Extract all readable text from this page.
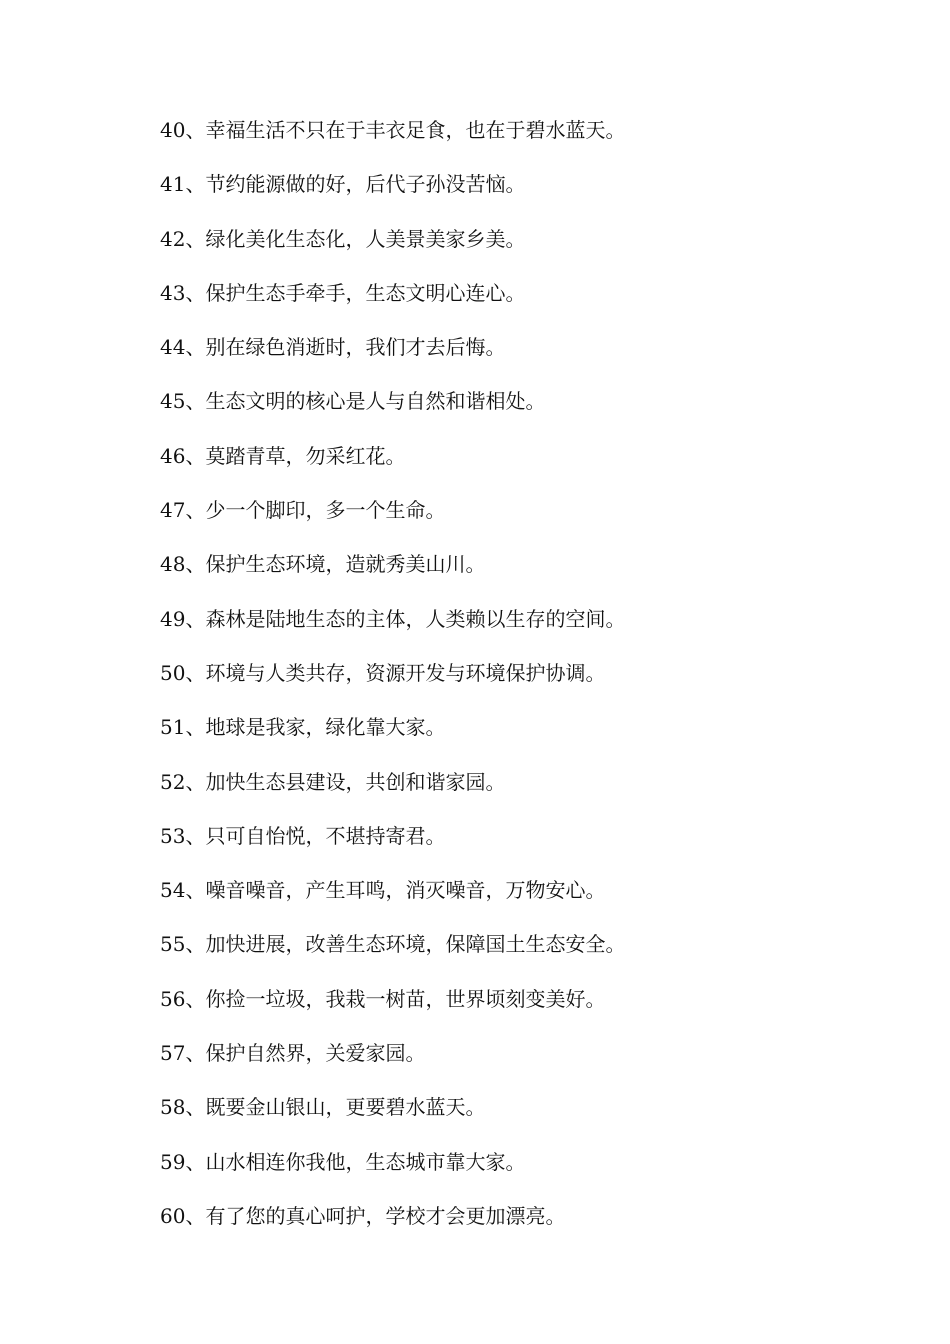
40、幸福生活不只在于丰衣足食，也在于碧水蓝天。
41、节约能源做的好，后代子孙没苦恼。
42、绿化美化生态化，人美景美家乡美。
43、保护生态手牵手，生态文明心连心。
44、别在绿色消逝时，我们才去后悔。
45、生态文明的核心是人与自然和谐相处。
46、莫踏青草，勿采红花。
47、少一个脚印，多一个生命。
48、保护生态环境，造就秀美山川。
49、森林是陆地生态的主体，人类赖以生存的空间。
50、环境与人类共存，资源开发与环境保护协调。
51、地球是我家，绿化靠大家。
52、加快生态县建设，共创和谐家园。
53、只可自怡悦，不堪持寄君。
54、噪音噪音，产生耳鸣，消灭噪音，万物安心。
55、加快进展，改善生态环境，保障国土生态安全。
56、你捡一垃圾，我栽一树苗，世界顷刻变美好。
57、保护自然界，关爱家园。
58、既要金山银山，更要碧水蓝天。
59、山水相连你我他，生态城市靠大家。
60、有了您的真心呵护，学校才会更加漂亮。
